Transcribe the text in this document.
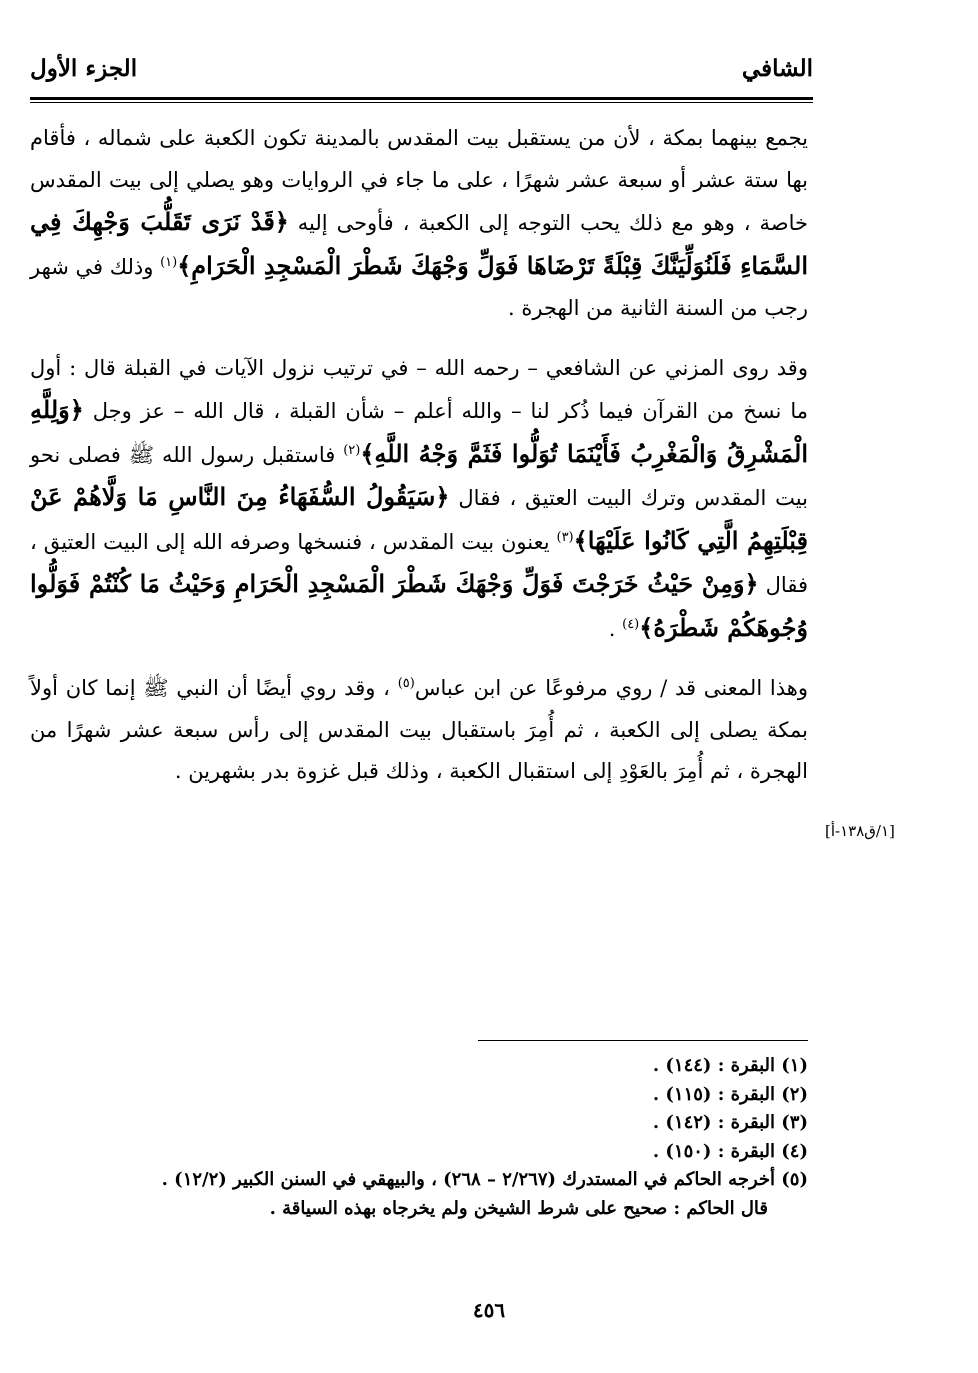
الشافي
الجزء الأول

يجمع بينهما بمكة ، لأن من يستقبل بيت المقدس بالمدينة تكون الكعبة على شماله ، فأقام بها ستة عشر أو سبعة عشر شهرًا ، على ما جاء في الروايات وهو يصلي إلى بيت المقدس خاصة ، وهو مع ذلك يحب التوجه إلى الكعبة ، فأوحى إليه ﴿قَدْ نَرَى تَقَلُّبَ وَجْهِكَ فِي السَّمَاءِ فَلَنُوَلِّيَنَّكَ قِبْلَةً تَرْضَاهَا فَوَلِّ وَجْهَكَ شَطْرَ الْمَسْجِدِ الْحَرَامِ﴾$^{(١)}$ وذلك في شهر رجب من السنة الثانية من الهجرة .

وقد روى المزني عن الشافعي – رحمه الله – في ترتيب نزول الآيات في القبلة قال : أول ما نسخ من القرآن فيما ذُكر لنا – والله أعلم – شأن القبلة ، قال الله – عز وجل ﴿وَلِلَّهِ الْمَشْرِقُ وَالْمَغْرِبُ فَأَيْنَمَا تُوَلُّوا فَثَمَّ وَجْهُ اللَّهِ﴾$^{(٢)}$ فاستقبل رسول الله ﷺ فصلى نحو بيت المقدس وترك البيت العتيق ، فقال ﴿سَيَقُولُ السُّفَهَاءُ مِنَ النَّاسِ مَا وَلَّاهُمْ عَنْ قِبْلَتِهِمُ الَّتِي كَانُوا عَلَيْهَا﴾$^{(٣)}$ يعنون بيت المقدس ، فنسخها وصرفه الله إلى البيت العتيق ، فقال ﴿وَمِنْ حَيْثُ خَرَجْتَ فَوَلِّ وَجْهَكَ شَطْرَ الْمَسْجِدِ الْحَرَامِ وَحَيْثُ مَا كُنْتُمْ فَوَلُّوا وُجُوهَكُمْ شَطْرَهُ﴾$^{(٤)}$ .

وهذا المعنى قد / روي مرفوعًا عن ابن عباس$^{(٥)}$ ، وقد روي أيضًا أن النبي ﷺ إنما كان أولاً بمكة يصلى إلى الكعبة ، ثم أُمِرَ باستقبال بيت المقدس إلى رأس سبعة عشر شهرًا من الهجرة ، ثم أُمِرَ بالعَوْدِ إلى استقبال الكعبة ، وذلك قبل غزوة بدر بشهرين .

[١/ق١٣٨-أ]
(١) البقرة : (١٤٤) .
(٢) البقرة : (١١٥) .
(٣) البقرة : (١٤٢) .
(٤) البقرة : (١٥٠) .
(٥) أخرجه الحاكم في المستدرك (٢/٢٦٧ – ٢٦٨) ، والبيهقي في السنن الكبير (١٢/٢) .
قال الحاكم : صحيح على شرط الشيخن ولم يخرجاه بهذه السياقة .
٤٥٦
